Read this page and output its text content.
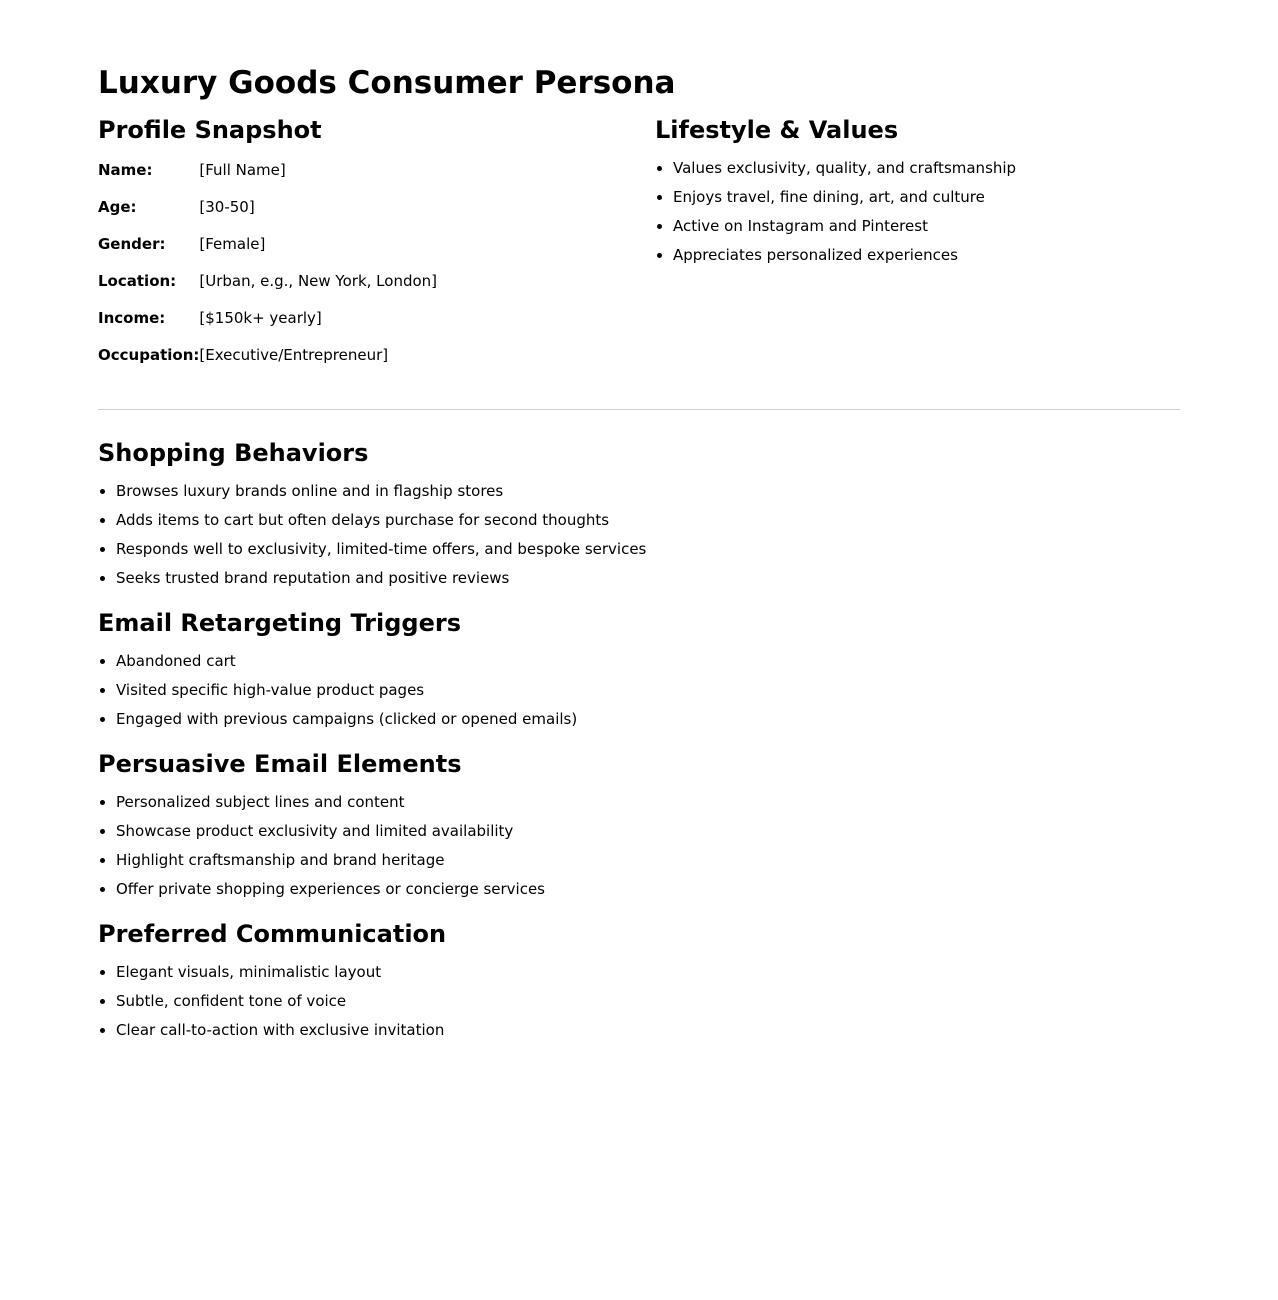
Luxury Goods Consumer Persona
Profile Snapshot
Name:	[Full Name]
Age:	[30-50]
Gender:	[Female]
Location:	[Urban, e.g., New York, London]
Income:	[$150k+ yearly]
Occupation:	[Executive/Entrepreneur]
Lifestyle & Values
• Values exclusivity, quality, and craftsmanship
• Enjoys travel, fine dining, art, and culture
• Active on Instagram and Pinterest
• Appreciates personalized experiences
Shopping Behaviors
• Browses luxury brands online and in flagship stores
• Adds items to cart but often delays purchase for second thoughts
• Responds well to exclusivity, limited-time offers, and bespoke services
• Seeks trusted brand reputation and positive reviews
Email Retargeting Triggers
• Abandoned cart
• Visited specific high-value product pages
• Engaged with previous campaigns (clicked or opened emails)
Persuasive Email Elements
• Personalized subject lines and content
• Showcase product exclusivity and limited availability
• Highlight craftsmanship and brand heritage
• Offer private shopping experiences or concierge services
Preferred Communication
• Elegant visuals, minimalistic layout
• Subtle, confident tone of voice
• Clear call-to-action with exclusive invitation
